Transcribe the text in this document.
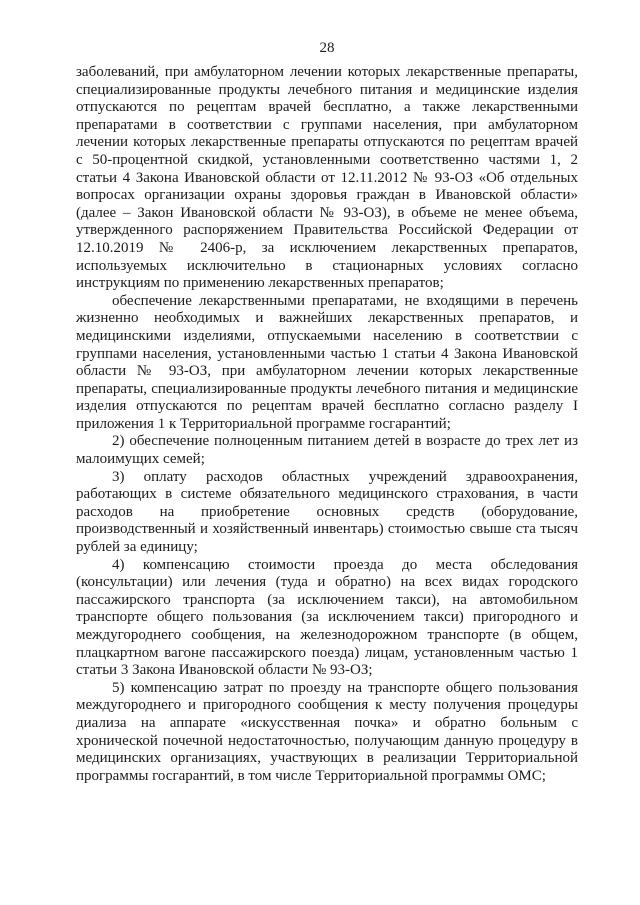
28

заболеваний, при амбулаторном лечении которых лекарственные препараты, специализированные продукты лечебного питания и медицинские изделия отпускаются по рецептам врачей бесплатно, а также лекарственными препаратами в соответствии с группами населения, при амбулаторном лечении которых лекарственные препараты отпускаются по рецептам врачей с 50-процентной скидкой, установленными соответственно частями 1, 2 статьи 4 Закона Ивановской области от 12.11.2012 № 93-ОЗ «Об отдельных вопросах организации охраны здоровья граждан в Ивановской области» (далее – Закон Ивановской области № 93-ОЗ), в объеме не менее объема, утвержденного распоряжением Правительства Российской Федерации от 12.10.2019 № 2406-р, за исключением лекарственных препаратов, используемых исключительно в стационарных условиях согласно инструкциям по применению лекарственных препаратов;

обеспечение лекарственными препаратами, не входящими в перечень жизненно необходимых и важнейших лекарственных препаратов, и медицинскими изделиями, отпускаемыми населению в соответствии с группами населения, установленными частью 1 статьи 4 Закона Ивановской области № 93-ОЗ, при амбулаторном лечении которых лекарственные препараты, специализированные продукты лечебного питания и медицинские изделия отпускаются по рецептам врачей бесплатно согласно разделу I приложения 1 к Территориальной программе госгарантий;

2) обеспечение полноценным питанием детей в возрасте до трех лет из малоимущих семей;

3) оплату расходов областных учреждений здравоохранения, работающих в системе обязательного медицинского страхования, в части расходов на приобретение основных средств (оборудование, производственный и хозяйственный инвентарь) стоимостью свыше ста тысяч рублей за единицу;

4) компенсацию стоимости проезда до места обследования (консультации) или лечения (туда и обратно) на всех видах городского пассажирского транспорта (за исключением такси), на автомобильном транспорте общего пользования (за исключением такси) пригородного и междугороднего сообщения, на железнодорожном транспорте (в общем, плацкартном вагоне пассажирского поезда) лицам, установленным частью 1 статьи 3 Закона Ивановской области № 93-ОЗ;

5) компенсацию затрат по проезду на транспорте общего пользования междугороднего и пригородного сообщения к месту получения процедуры диализа на аппарате «искусственная почка» и обратно больным с хронической почечной недостаточностью, получающим данную процедуру в медицинских организациях, участвующих в реализации Территориальной программы госгарантий, в том числе Территориальной программы ОМС;
